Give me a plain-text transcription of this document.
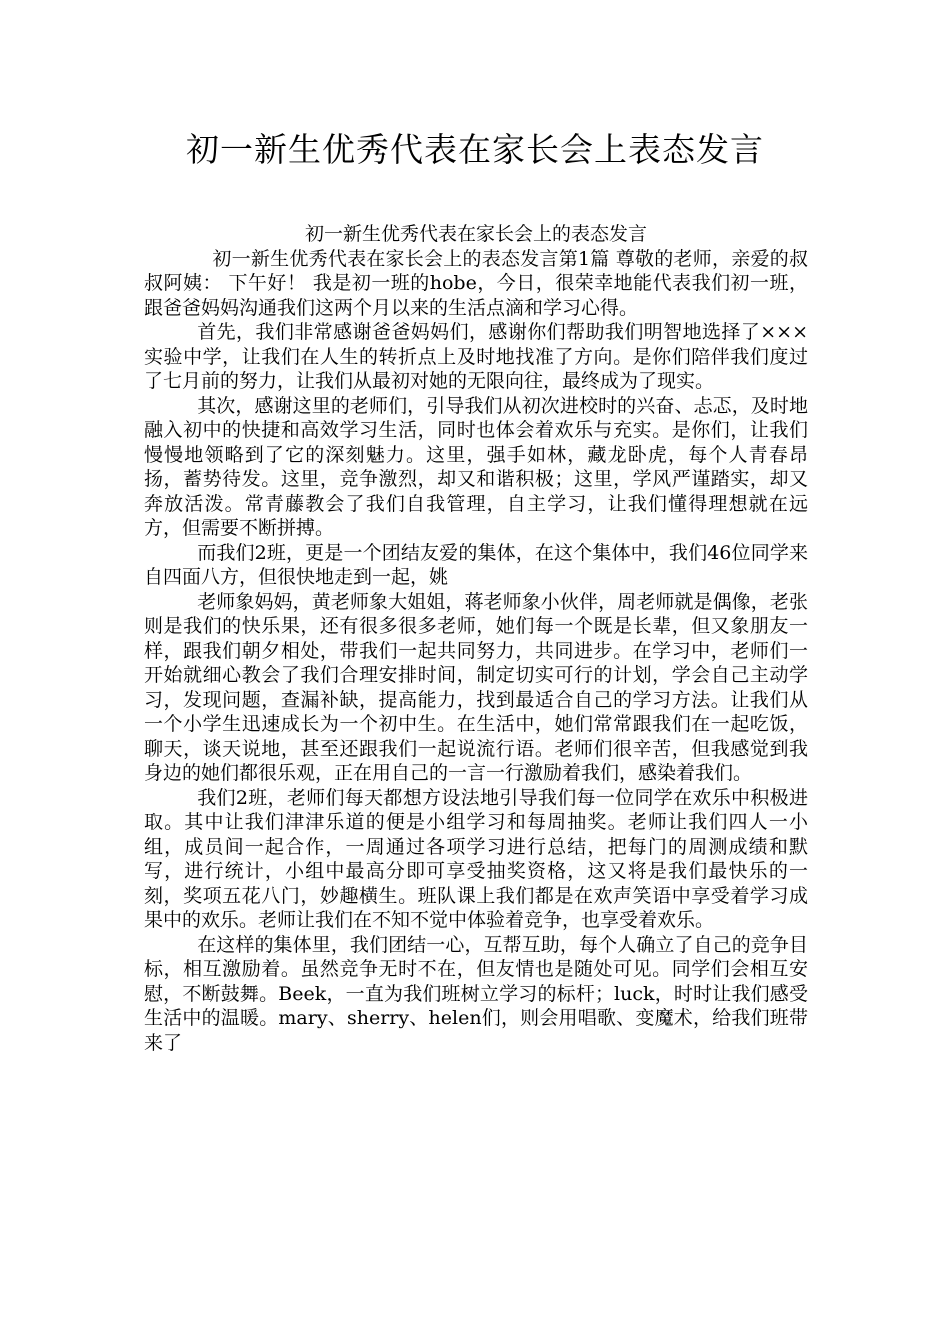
初一新生优秀代表在家长会上表态发言

初一新生优秀代表在家长会上的表态发言

初一新生优秀代表在家长会上的表态发言第1篇 尊敬的老师，亲爱的叔叔阿姨： 下午好！ 我是初一班的hobe，今日，很荣幸地能代表我们初一班，跟爸爸妈妈沟通我们这两个月以来的生活点滴和学习心得。

首先，我们非常感谢爸爸妈妈们，感谢你们帮助我们明智地选择了×××实验中学，让我们在人生的转折点上及时地找准了方向。是你们陪伴我们度过了七月前的努力，让我们从最初对她的无限向往，最终成为了现实。

其次，感谢这里的老师们，引导我们从初次进校时的兴奋、忐忑，及时地融入初中的快捷和高效学习生活，同时也体会着欢乐与充实。是你们，让我们慢慢地领略到了它的深刻魅力。这里，强手如林，藏龙卧虎，每个人青春昂扬，蓄势待发。这里，竞争激烈，却又和谐积极；这里，学风严谨踏实，却又奔放活泼。常青藤教会了我们自我管理，自主学习，让我们懂得理想就在远方，但需要不断拼搏。

而我们2班，更是一个团结友爱的集体，在这个集体中，我们46位同学来自四面八方，但很快地走到一起，姚

老师象妈妈，黄老师象大姐姐，蒋老师象小伙伴，周老师就是偶像，老张则是我们的快乐果，还有很多很多老师，她们每一个既是长辈，但又象朋友一样，跟我们朝夕相处，带我们一起共同努力，共同进步。在学习中，老师们一开始就细心教会了我们合理安排时间，制定切实可行的计划，学会自己主动学习，发现问题，查漏补缺，提高能力，找到最适合自己的学习方法。让我们从一个小学生迅速成长为一个初中生。在生活中，她们常常跟我们在一起吃饭，聊天，谈天说地，甚至还跟我们一起说流行语。老师们很辛苦，但我感觉到我身边的她们都很乐观，正在用自己的一言一行激励着我们，感染着我们。

我们2班，老师们每天都想方设法地引导我们每一位同学在欢乐中积极进取。其中让我们津津乐道的便是小组学习和每周抽奖。老师让我们四人一小组，成员间一起合作，一周通过各项学习进行总结，把每门的周测成绩和默写，进行统计，小组中最高分即可享受抽奖资格，这又将是我们最快乐的一刻，奖项五花八门，妙趣横生。班队课上我们都是在欢声笑语中享受着学习成果中的欢乐。老师让我们在不知不觉中体验着竞争，也享受着欢乐。

在这样的集体里，我们团结一心，互帮互助，每个人确立了自己的竞争目标，相互激励着。虽然竞争无时不在，但友情也是随处可见。同学们会相互安慰，不断鼓舞。Beek，一直为我们班树立学习的标杆；luck，时时让我们感受生活中的温暖。mary、sherry、helen们，则会用唱歌、变魔术，给我们班带来了
